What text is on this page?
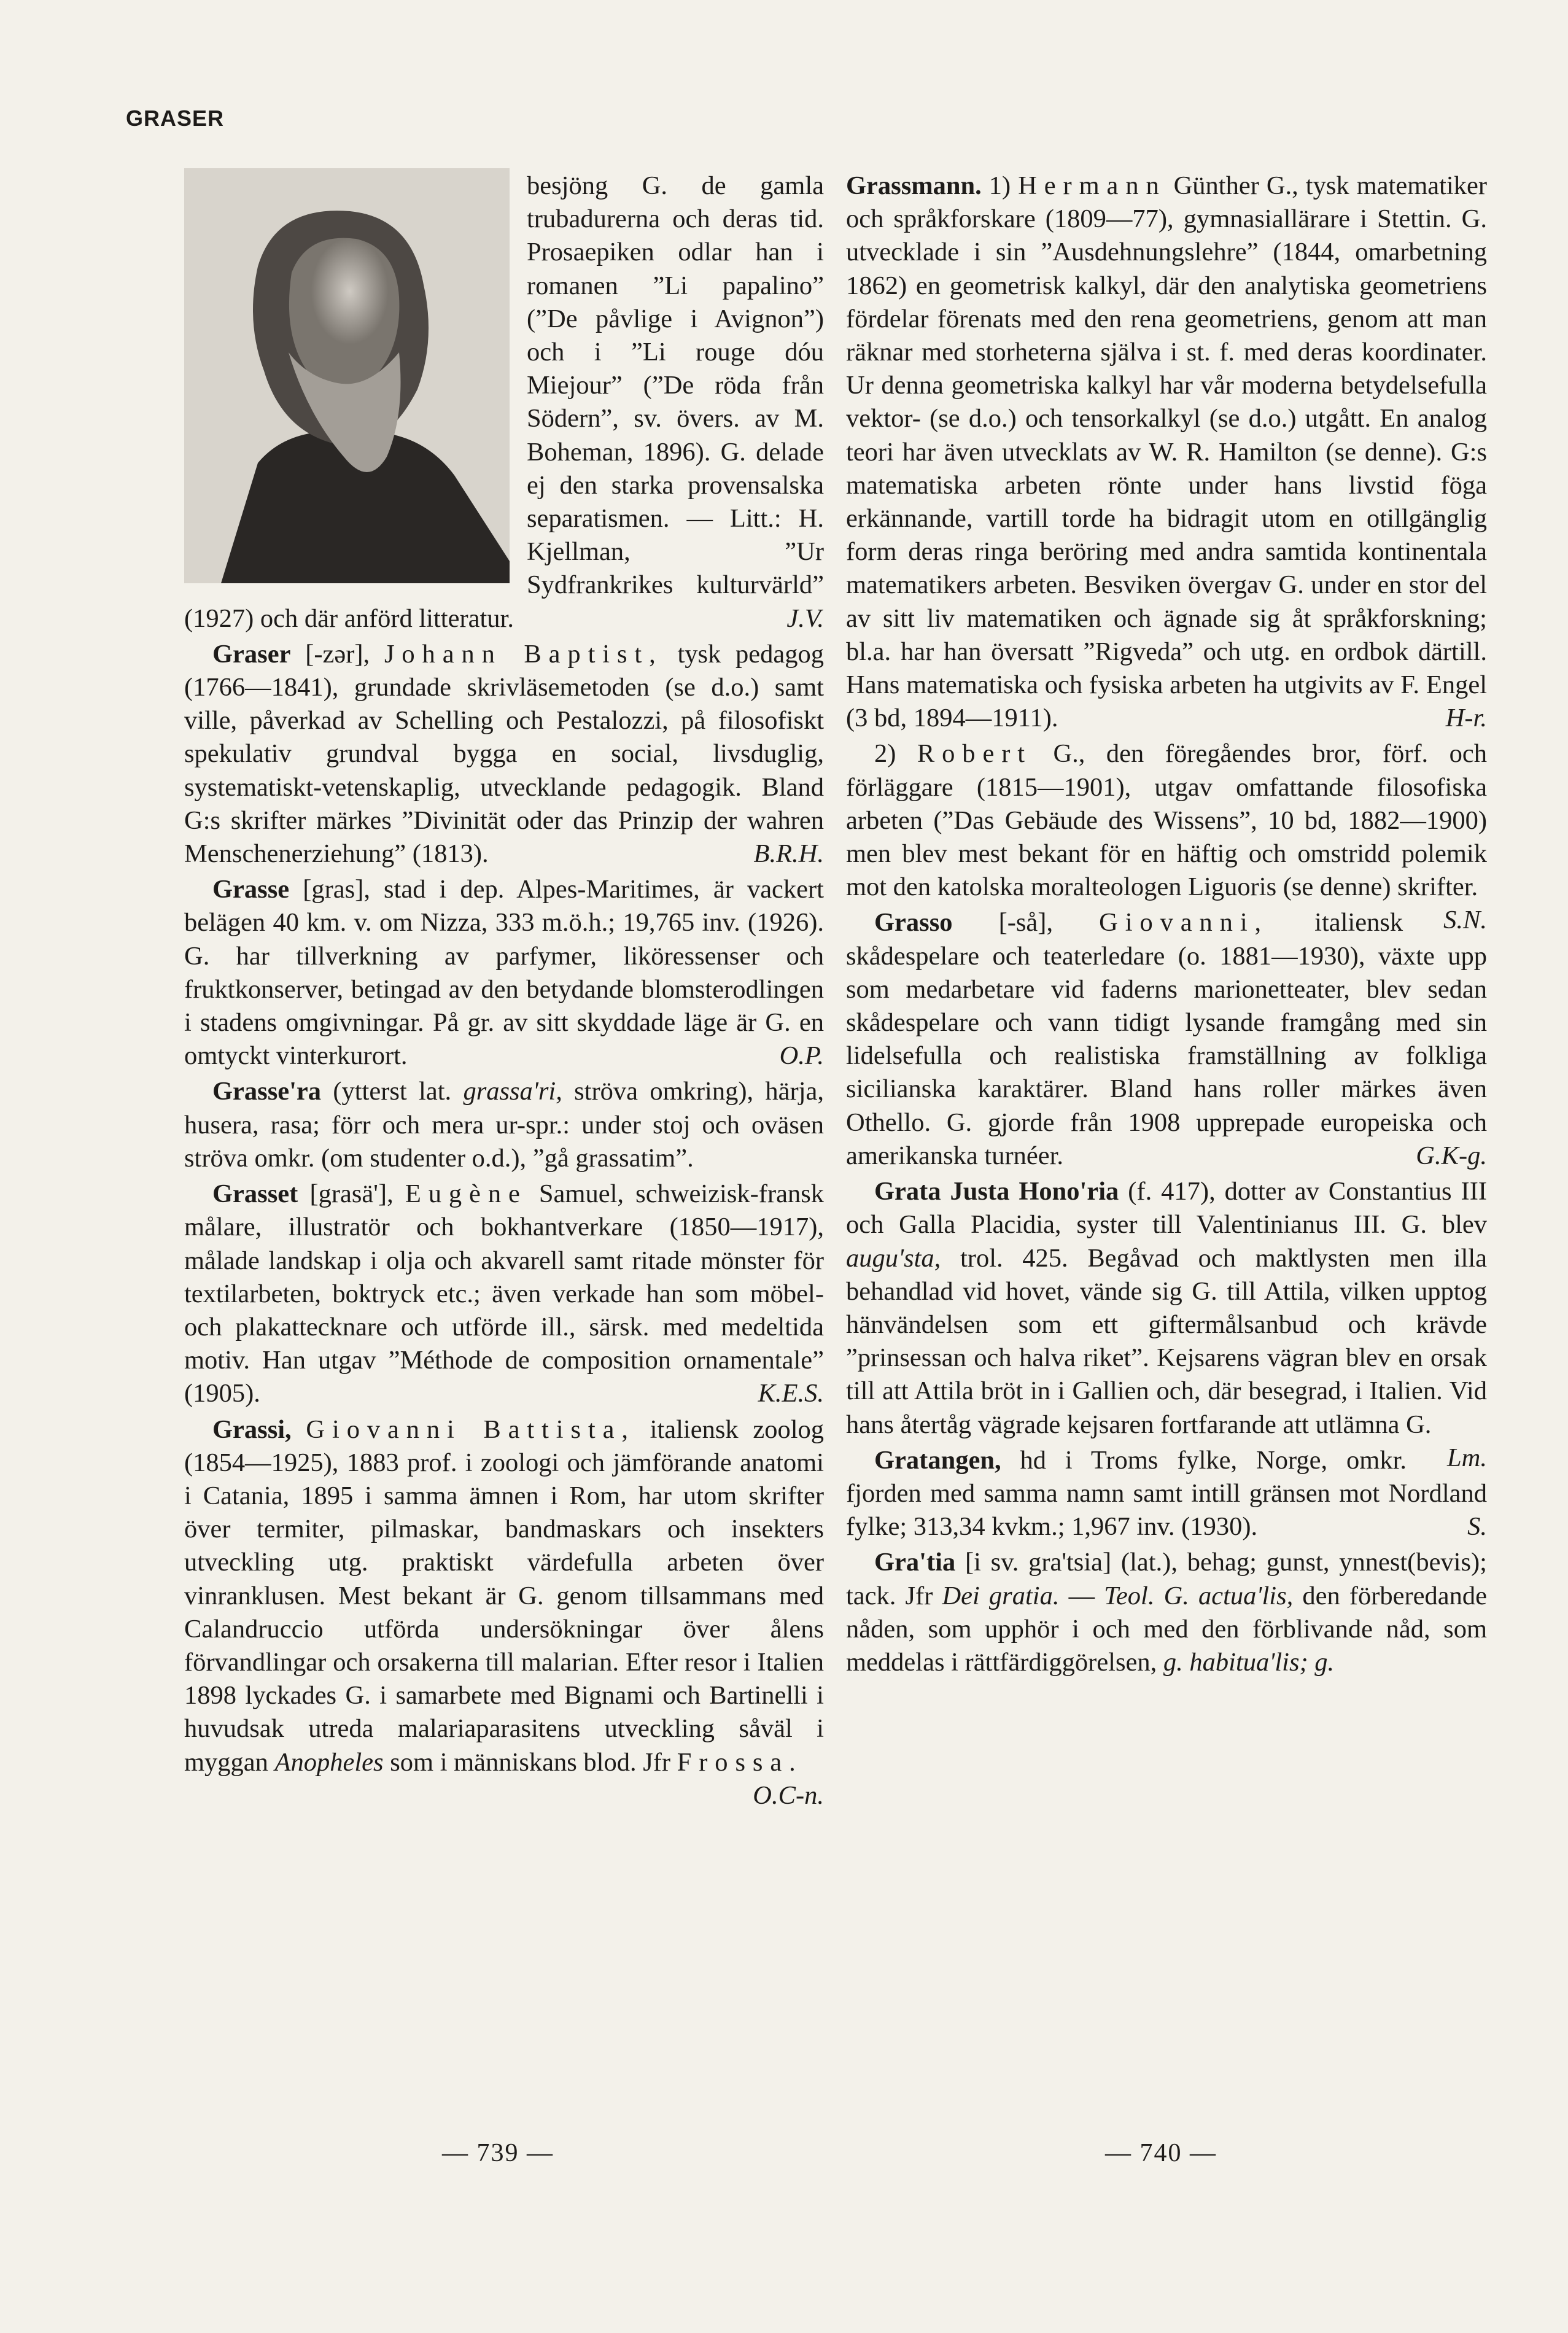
GRASER

besjöng G. de gamla trubadurerna och deras tid. Prosaepiken odlar han i romanen ”Li papalino” (”De påvlige i Avignon”) och i ”Li rouge dóu Miejour” (”De röda från Södern”, sv. övers. av M. Boheman, 1896). G. delade ej den starka provensalska separatismen. — Litt.: H. Kjellman, ”Ur Sydfrankrikes kulturvärld” (1927) och där anförd litteratur.	J.V.

Graser [-zər], Johann Baptist, tysk pedagog (1766—1841), grundade skrivläsemetoden (se d.o.) samt ville, påverkad av Schelling och Pestalozzi, på filosofiskt spekulativ grundval bygga en social, livsduglig, systematiskt-vetenskaplig, utvecklande pedagogik. Bland G:s skrifter märkes ”Divinität oder das Prinzip der wahren Menschenerziehung” (1813).	B.R.H.

Grasse [gras], stad i dep. Alpes-Maritimes, är vackert belägen 40 km. v. om Nizza, 333 m.ö.h.; 19,765 inv. (1926). G. har tillverkning av parfymer, liköressenser och fruktkonserver, betingad av den betydande blomsterodlingen i stadens omgivningar. På gr. av sitt skyddade läge är G. en omtyckt vinterkurort.	O.P.

Grasse'ra (ytterst lat. grassa'ri, ströva omkring), härja, husera, rasa; förr och mera ur-spr.: under stoj och oväsen ströva omkr. (om studenter o.d.), ”gå grassatim”.

Grasset [grasä'], Eugène Samuel, schweizisk-fransk målare, illustratör och bokhantverkare (1850—1917), målade landskap i olja och akvarell samt ritade mönster för textilarbeten, boktryck etc.; även verkade han som möbel- och plakattecknare och utförde ill., särsk. med medeltida motiv. Han utgav ”Méthode de composition ornamentale” (1905).	K.E.S.

Grassi, Giovanni Battista, italiensk zoolog (1854—1925), 1883 prof. i zoologi och jämförande anatomi i Catania, 1895 i samma ämnen i Rom, har utom skrifter över termiter, pilmaskar, bandmaskars och insekters utveckling utg. praktiskt värdefulla arbeten över vinranklusen. Mest bekant är G. genom tillsammans med Calandruccio utförda undersökningar över ålens förvandlingar och orsakerna till malarian. Efter resor i Italien 1898 lyckades G. i samarbete med Bignami och Bartinelli i huvudsak utreda malariaparasitens utveckling såväl i myggan Anopheles som i människans blod. Jfr Frossa.
O.C-n.

Grassmann. 1) Hermann Günther G., tysk matematiker och språkforskare (1809—77), gymnasiallärare i Stettin. G. utvecklade i sin ”Ausdehnungslehre” (1844, omarbetning 1862) en geometrisk kalkyl, där den analytiska geometriens fördelar förenats med den rena geometriens, genom att man räknar med storheterna själva i st. f. med deras koordinater. Ur denna geometriska kalkyl har vår moderna betydelsefulla vektor- (se d.o.) och tensorkalkyl (se d.o.) utgått. En analog teori har även utvecklats av W. R. Hamilton (se denne). G:s matematiska arbeten rönte under hans livstid föga erkännande, vartill torde ha bidragit utom en otillgänglig form deras ringa beröring med andra samtida kontinentala matematikers arbeten. Besviken övergav G. under en stor del av sitt liv matematiken och ägnade sig åt språkforskning; bl.a. har han översatt ”Rigveda” och utg. en ordbok därtill. Hans matematiska och fysiska arbeten ha utgivits av F. Engel (3 bd, 1894—1911).	H-r.

2) Robert G., den föregåendes bror, förf. och förläggare (1815—1901), utgav omfattande filosofiska arbeten (”Das Gebäude des Wissens”, 10 bd, 1882—1900) men blev mest bekant för en häftig och omstridd polemik mot den katolska moralteologen Liguoris (se denne) skrifter.
S.N.

Grasso [-så], Giovanni, italiensk skådespelare och teaterledare (o. 1881—1930), växte upp som medarbetare vid faderns marionetteater, blev sedan skådespelare och vann tidigt lysande framgång med sin lidelsefulla och realistiska framställning av folkliga sicilianska karaktärer. Bland hans roller märkes även Othello. G. gjorde från 1908 upprepade europeiska och amerikanska turnéer.	G.K-g.

Grata Justa Hono'ria (f. 417), dotter av Constantius III och Galla Placidia, syster till Valentinianus III. G. blev augu'sta, trol. 425. Begåvad och maktlysten men illa behandlad vid hovet, vände sig G. till Attila, vilken upptog hänvändelsen som ett giftermålsanbud och krävde ”prinsessan och halva riket”. Kejsarens vägran blev en orsak till att Attila bröt in i Gallien och, där besegrad, i Italien. Vid hans återtåg vägrade kejsaren fortfarande att utlämna G.
Lm.

Gratangen, hd i Troms fylke, Norge, omkr. fjorden med samma namn samt intill gränsen mot Nordland fylke; 313,34 kvkm.; 1,967 inv. (1930).	S.

Gra'tia [i sv. gra'tsia] (lat.), behag; gunst, ynnest(bevis); tack. Jfr Dei gratia. — Teol. G. actua'lis, den förberedande nåden, som upphör i och med den förblivande nåd, som meddelas i rättfärdiggörelsen, g. habitua'lis; g.

— 739 —	— 740 —
